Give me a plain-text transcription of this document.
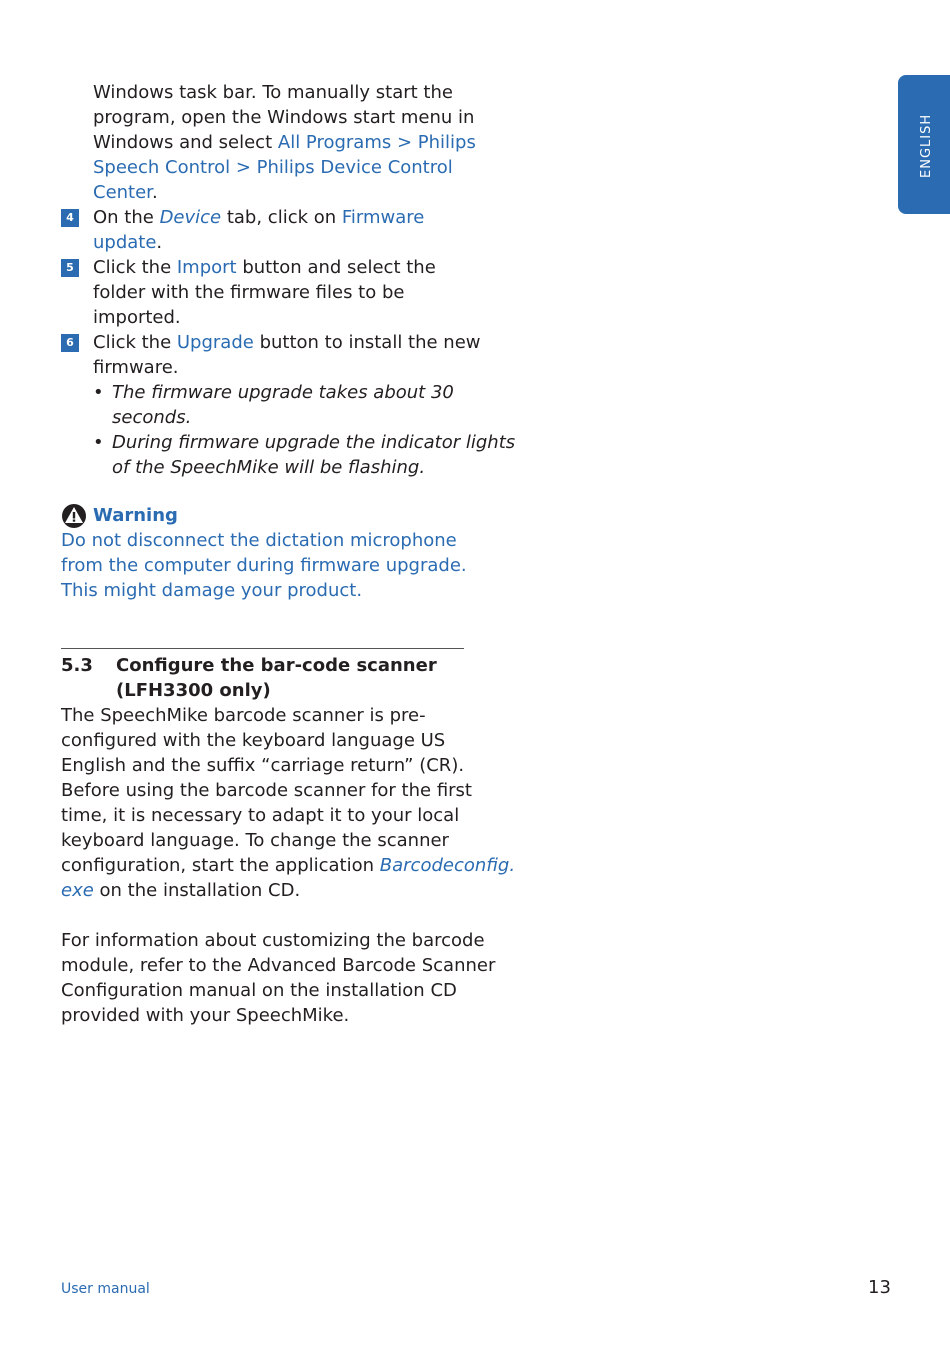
ENGLISH
Windows task bar. To manually start the
program, open the Windows start menu in
Windows and select All Programs > Philips
Speech Control > Philips Device Control
Center.
4 On the Device tab, click on Firmware
update.
5 Click the Import button and select the
folder with the firmware files to be
imported.
6 Click the Upgrade button to install the new
firmware.
• The firmware upgrade takes about 30
seconds.
• During firmware upgrade the indicator lights
of the SpeechMike will be flashing.
Warning
Do not disconnect the dictation microphone
from the computer during firmware upgrade.
This might damage your product.
5.3 Configure the bar-code scanner
(LFH3300 only)
The SpeechMike barcode scanner is pre-
configured with the keyboard language US
English and the suffix “carriage return” (CR).
Before using the barcode scanner for the first
time, it is necessary to adapt it to your local
keyboard language. To change the scanner
configuration, start the application Barcodeconfig.
exe on the installation CD.
For information about customizing the barcode
module, refer to the Advanced Barcode Scanner
Configuration manual on the installation CD
provided with your SpeechMike.
User manual	13
